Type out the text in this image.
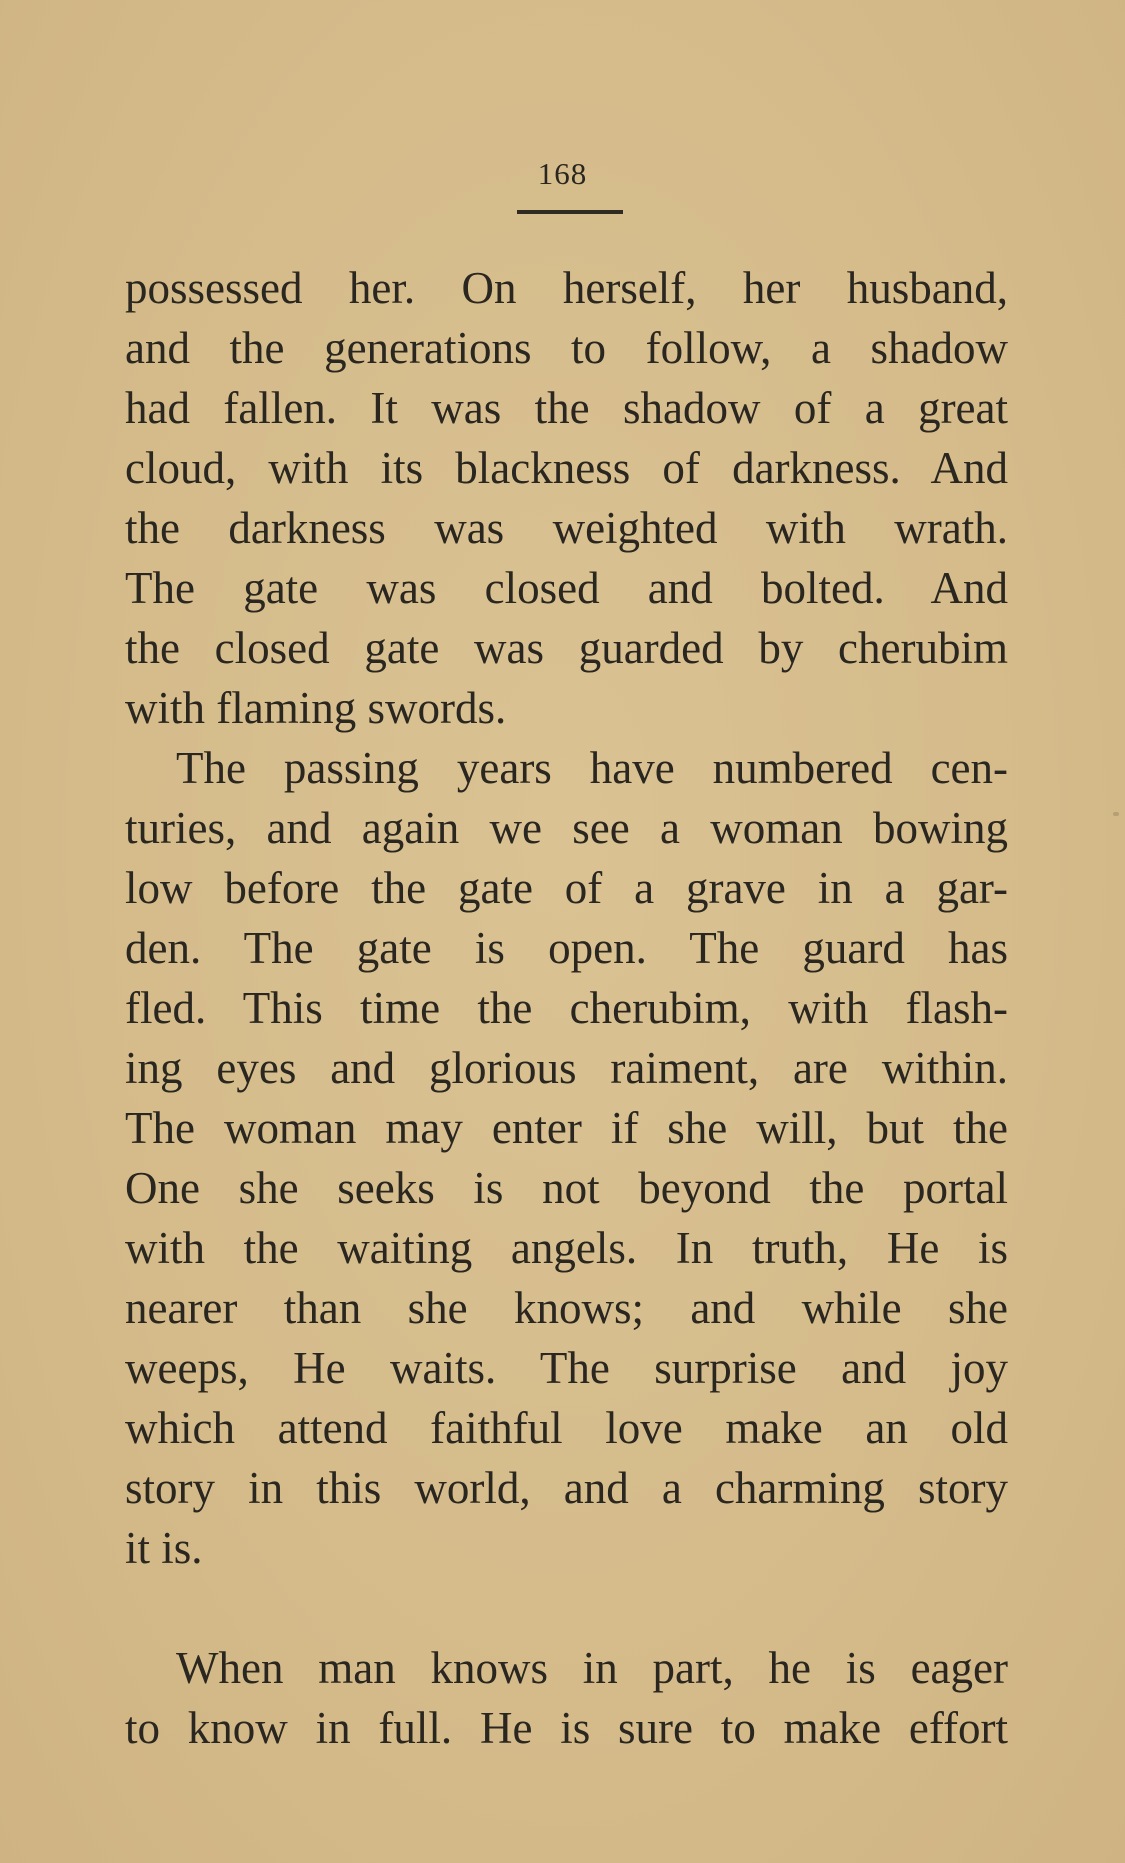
168
possessed her. On herself, her husband,
and the generations to follow, a shadow
had fallen. It was the shadow of a great
cloud, with its blackness of darkness. And
the darkness was weighted with wrath.
The gate was closed and bolted. And
the closed gate was guarded by cherubim
with flaming swords.
The passing years have numbered cen-
turies, and again we see a woman bowing
low before the gate of a grave in a gar-
den. The gate is open. The guard has
fled. This time the cherubim, with flash-
ing eyes and glorious raiment, are within.
The woman may enter if she will, but the
One she seeks is not beyond the portal
with the waiting angels. In truth, He is
nearer than she knows; and while she
weeps, He waits. The surprise and joy
which attend faithful love make an old
story in this world, and a charming story
it is.
When man knows in part, he is eager
to know in full. He is sure to make effort
